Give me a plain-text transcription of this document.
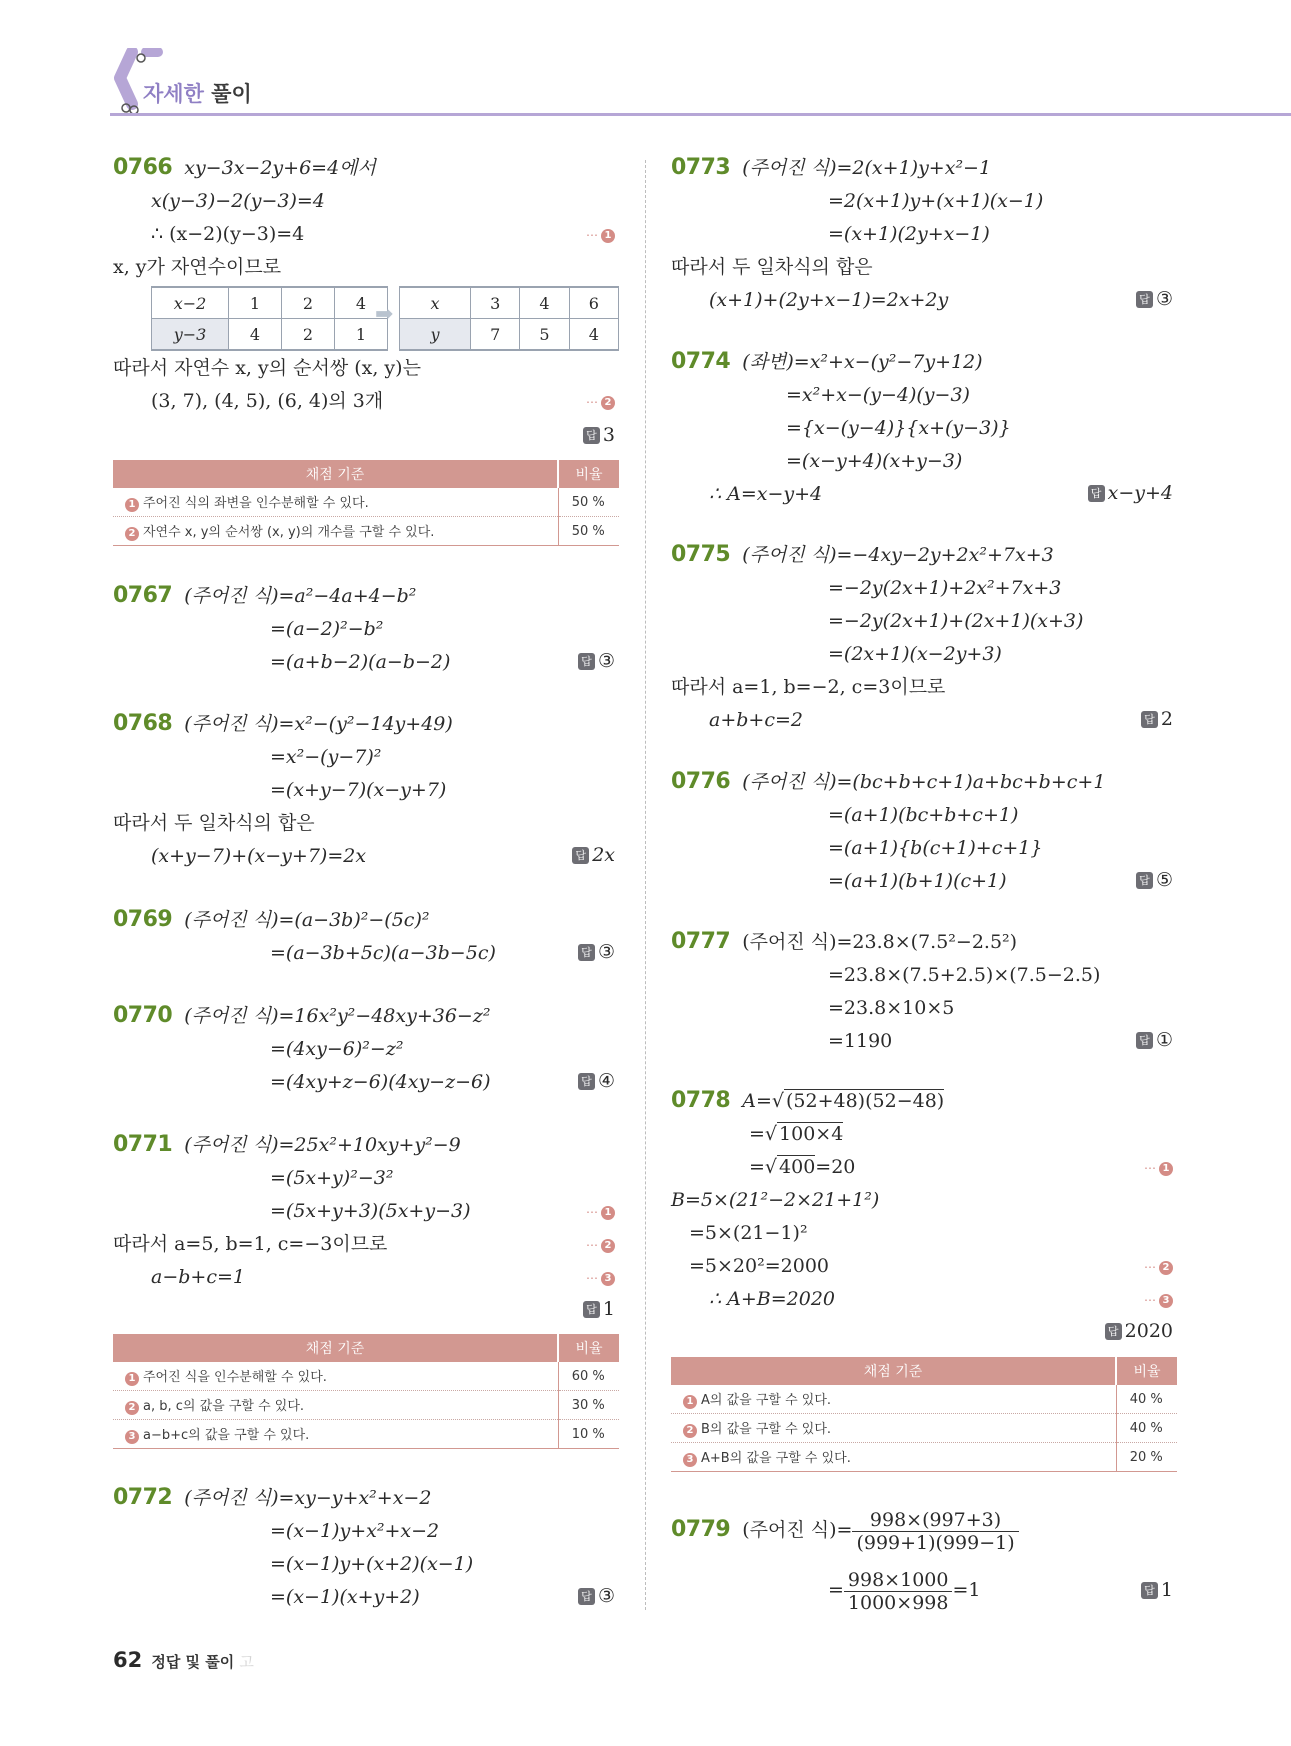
자세한 풀이
0766 xy−3x−2y+6=4에서
x(y−3)−2(y−3)=4
∴ (x−2)(y−3)=4	⋯ 1
x, y가 자연수이므로
x−2	1	2	4
y−3	4	2	1
➡ x	3	4	6
y	7	5	4
따라서 자연수 x, y의 순서쌍 (x, y)는
(3, 7), (4, 5), (6, 4)의 3개	⋯ 2
답 3
채점 기준	비율
1 주어진 식의 좌변을 인수분해할 수 있다.	50 %
2 자연수 x, y의 순서쌍 (x, y)의 개수를 구할 수 있다.	50 %
0767 (주어진 식)=a²−4a+4−b²
=(a−2)²−b²
=(a+b−2)(a−b−2)	답 ③
0768 (주어진 식)=x²−(y²−14y+49)
=x²−(y−7)²
=(x+y−7)(x−y+7)
따라서 두 일차식의 합은
(x+y−7)+(x−y+7)=2x	답 2x
0769 (주어진 식)=(a−3b)²−(5c)²
=(a−3b+5c)(a−3b−5c)	답 ③
0770 (주어진 식)=16x²y²−48xy+36−z²
=(4xy−6)²−z²
=(4xy+z−6)(4xy−z−6)	답 ④
0771 (주어진 식)=25x²+10xy+y²−9
=(5x+y)²−3²
=(5x+y+3)(5x+y−3)	⋯ 1
따라서 a=5, b=1, c=−3이므로	⋯ 2
a−b+c=1	⋯ 3
답 1
채점 기준	비율
1 주어진 식을 인수분해할 수 있다.	60 %
2 a, b, c의 값을 구할 수 있다.	30 %
3 a−b+c의 값을 구할 수 있다.	10 %
0772 (주어진 식)=xy−y+x²+x−2
=(x−1)y+x²+x−2
=(x−1)y+(x+2)(x−1)
=(x−1)(x+y+2)	답 ③
0773 (주어진 식)=2(x+1)y+x²−1
=2(x+1)y+(x+1)(x−1)
=(x+1)(2y+x−1)
따라서 두 일차식의 합은
(x+1)+(2y+x−1)=2x+2y	답 ③
0774 (좌변)=x²+x−(y²−7y+12)
=x²+x−(y−4)(y−3)
={x−(y−4)}{x+(y−3)}
=(x−y+4)(x+y−3)
∴ A=x−y+4	답 x−y+4
0775 (주어진 식)=−4xy−2y+2x²+7x+3
=−2y(2x+1)+2x²+7x+3
=−2y(2x+1)+(2x+1)(x+3)
=(2x+1)(x−2y+3)
따라서 a=1, b=−2, c=3이므로
a+b+c=2	답 2
0776 (주어진 식)=(bc+b+c+1)a+bc+b+c+1
=(a+1)(bc+b+c+1)
=(a+1){b(c+1)+c+1}
=(a+1)(b+1)(c+1)	답 ⑤
0777 (주어진 식)=23.8×(7.5²−2.5²)
=23.8×(7.5+2.5)×(7.5−2.5)
=23.8×10×5
=1190	답 ①
0778 A=√ (52+48)(52−48)
=√ 100×4
=√ 400=20	⋯ 1
B=5×(21²−2×21+1²)
=5×(21−1)²
=5×20²=2000	⋯ 2
∴ A+B=2020	⋯ 3
답 2020
채점 기준	비율
1 A의 값을 구할 수 있다.	40 %
2 B의 값을 구할 수 있다.	40 %
3 A+B의 값을 구할 수 있다.	20 %
0779 (주어진 식)= $\frac{998\times(997+3)}{(999+1)(999-1)}$
= $\frac{998\times 1000}{1000\times 998} =1$	답 1
62 정답 및 풀이 고
